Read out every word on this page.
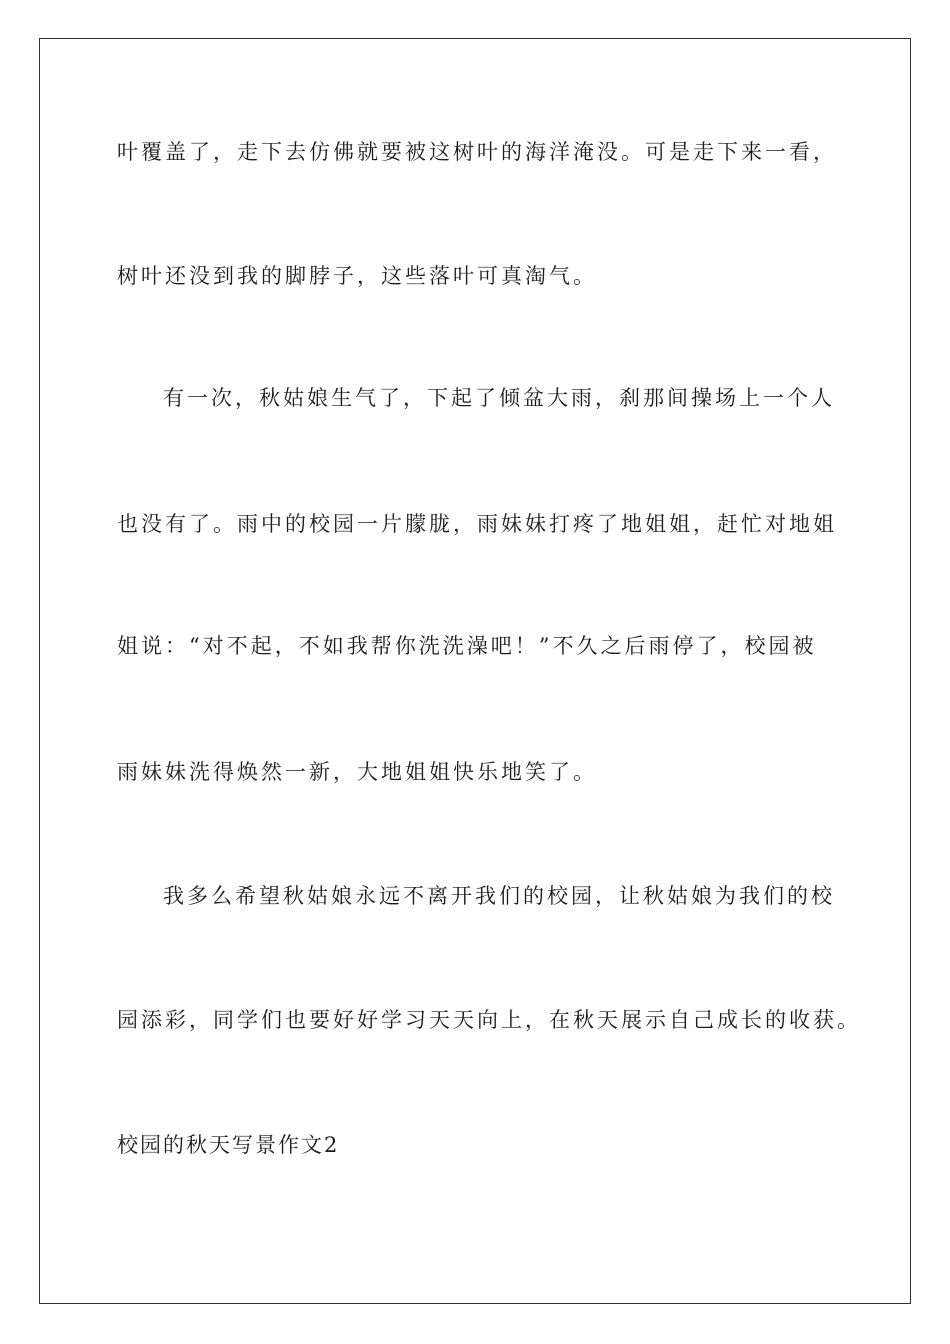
叶覆盖了，走下去仿佛就要被这树叶的海洋淹没。可是走下来一看，
树叶还没到我的脚脖子，这些落叶可真淘气。
有一次，秋姑娘生气了，下起了倾盆大雨，刹那间操场上一个人
也没有了。雨中的校园一片朦胧，雨妹妹打疼了地姐姐，赶忙对地姐
姐说：“对不起，不如我帮你洗洗澡吧！”不久之后雨停了，校园被
雨妹妹洗得焕然一新，大地姐姐快乐地笑了。
我多么希望秋姑娘永远不离开我们的校园，让秋姑娘为我们的校
园添彩，同学们也要好好学习天天向上，在秋天展示自己成长的收获。
校园的秋天写景作文2
